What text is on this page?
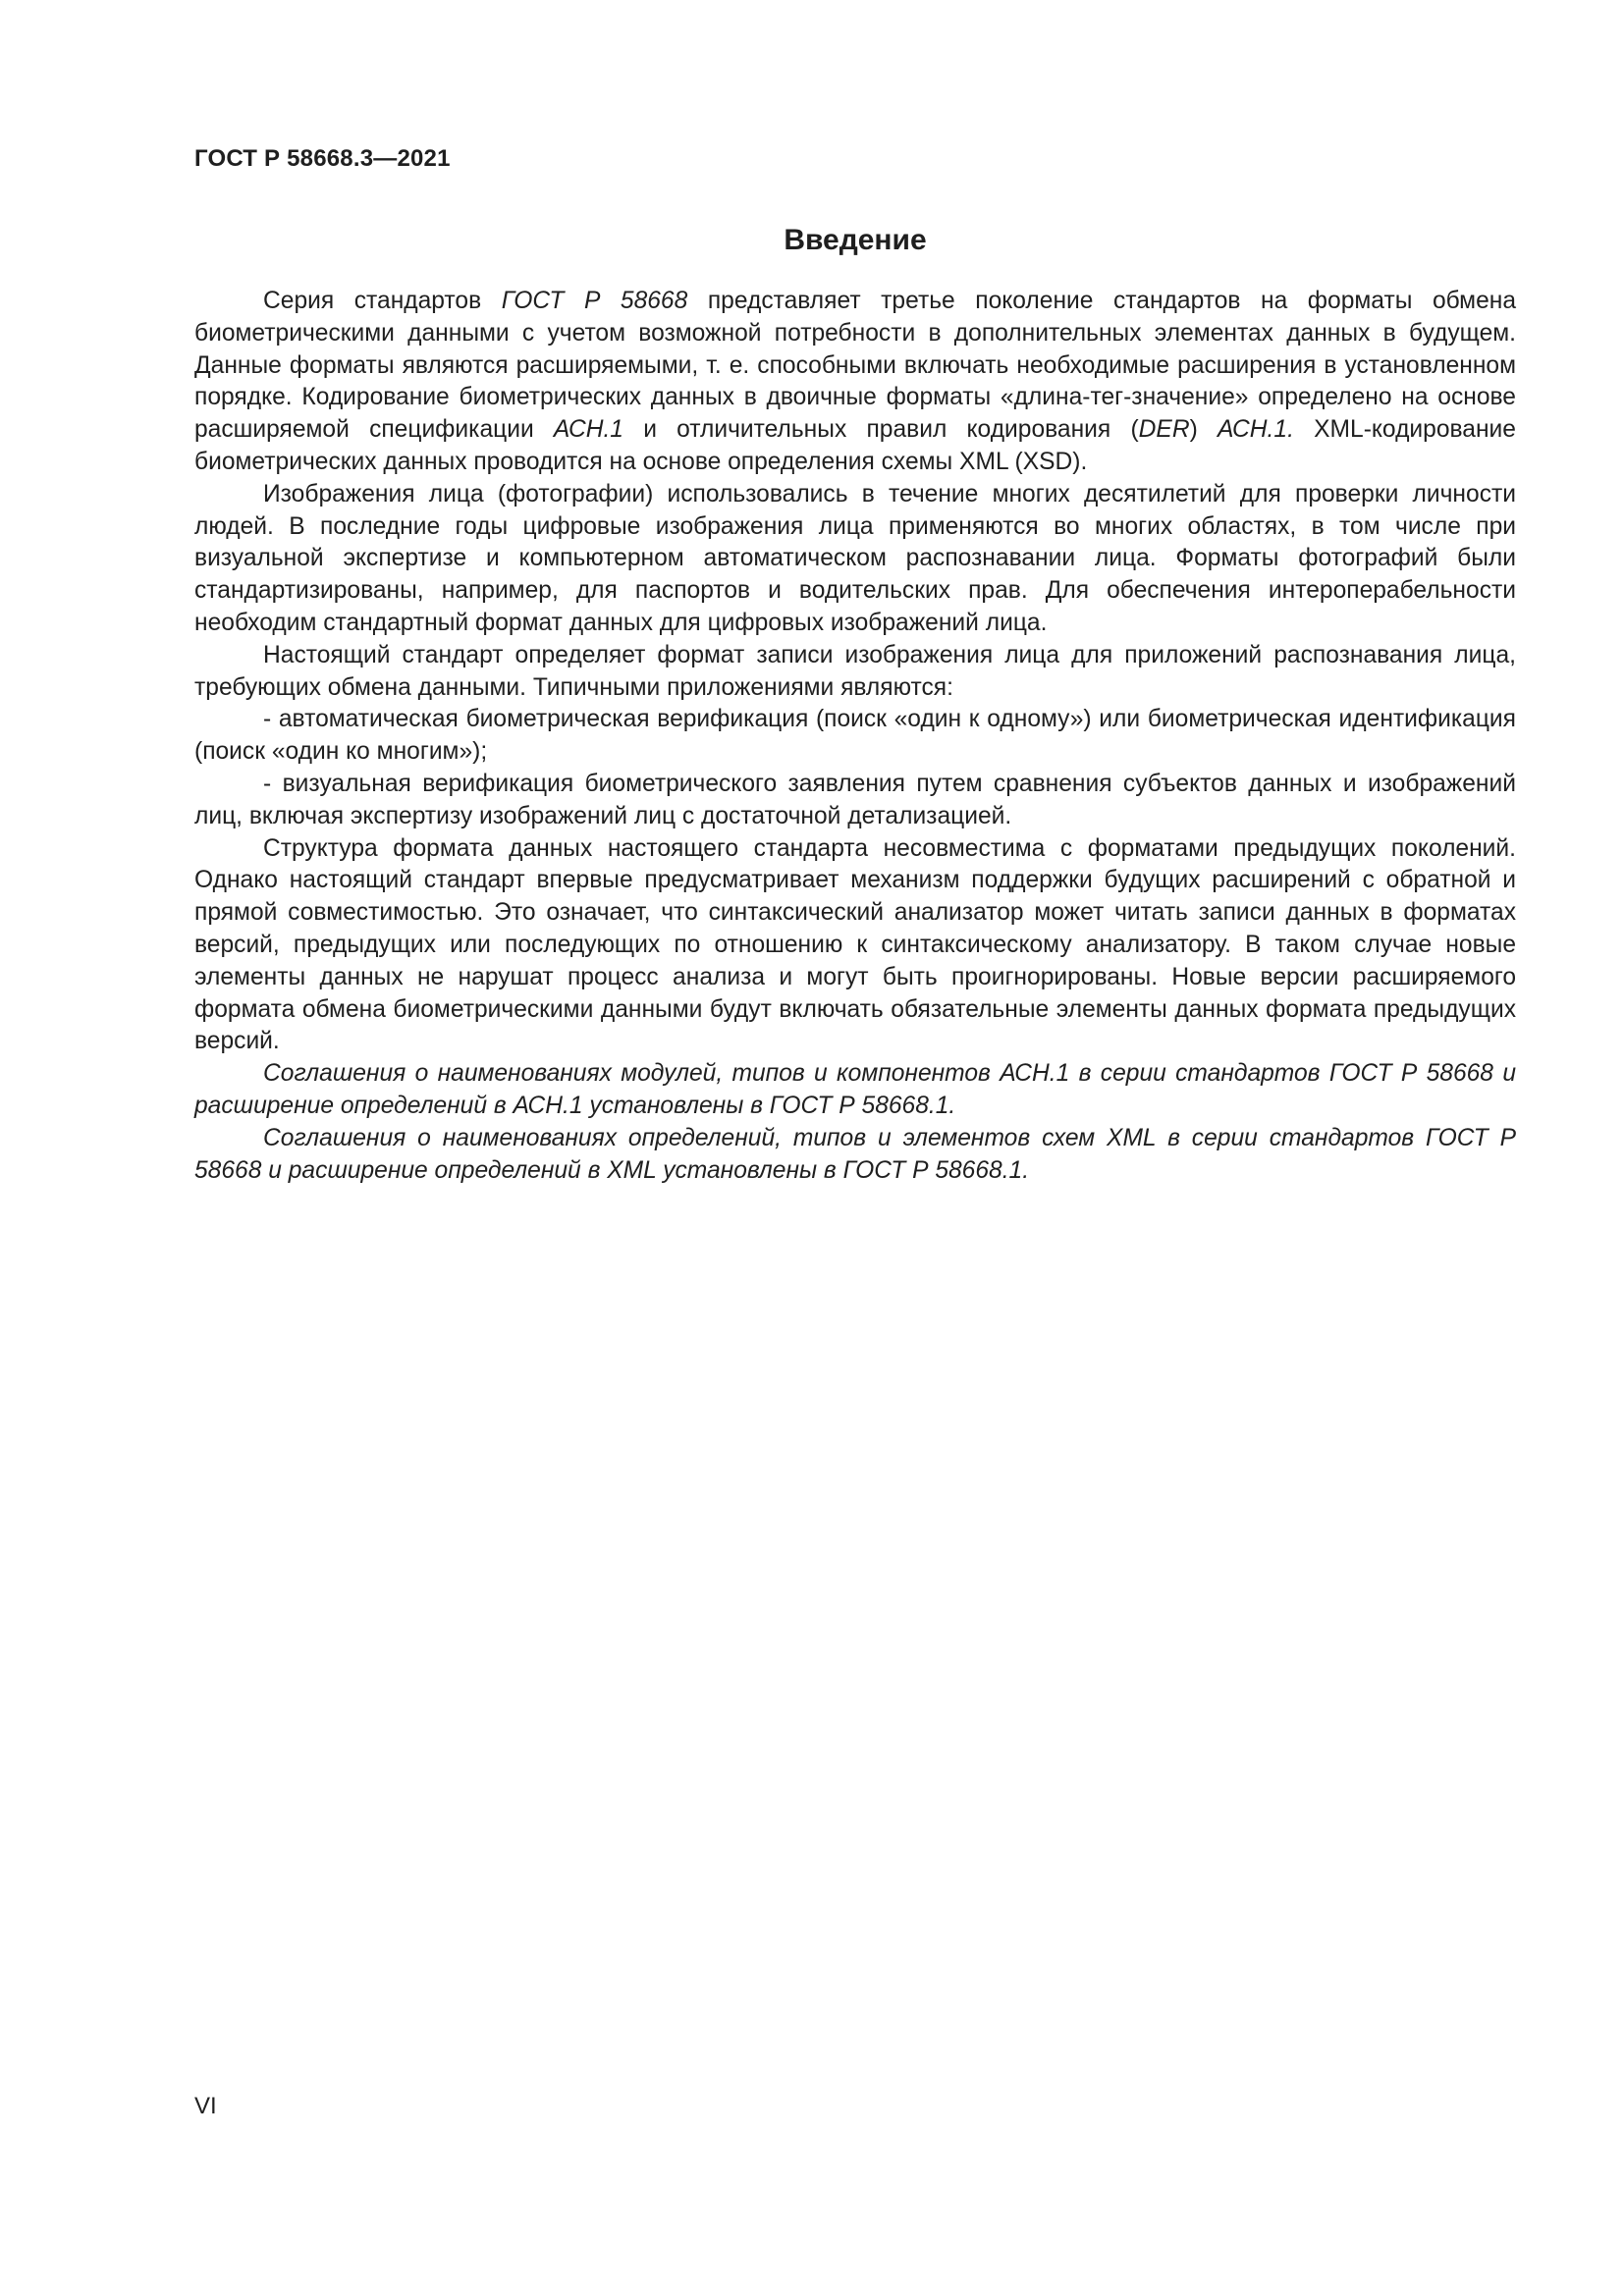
ГОСТ Р 58668.3—2021
Введение

Серия стандартов ГОСТ Р 58668 представляет третье поколение стандартов на форматы обмена биометрическими данными с учетом возможной потребности в дополнительных элементах данных в будущем. Данные форматы являются расширяемыми, т. е. способными включать необходимые расширения в установленном порядке. Кодирование биометрических данных в двоичные форматы «длина-тег-значение» определено на основе расширяемой спецификации АСН.1 и отличительных правил кодирования (DER) АСН.1. XML-кодирование биометрических данных проводится на основе определения схемы XML (XSD).

Изображения лица (фотографии) использовались в течение многих десятилетий для проверки личности людей. В последние годы цифровые изображения лица применяются во многих областях, в том числе при визуальной экспертизе и компьютерном автоматическом распознавании лица. Форматы фотографий были стандартизированы, например, для паспортов и водительских прав. Для обеспечения интероперабельности необходим стандартный формат данных для цифровых изображений лица.

Настоящий стандарт определяет формат записи изображения лица для приложений распознавания лица, требующих обмена данными. Типичными приложениями являются:

- автоматическая биометрическая верификация (поиск «один к одному») или биометрическая идентификация (поиск «один ко многим»);

- визуальная верификация биометрического заявления путем сравнения субъектов данных и изображений лиц, включая экспертизу изображений лиц с достаточной детализацией.

Структура формата данных настоящего стандарта несовместима с форматами предыдущих поколений. Однако настоящий стандарт впервые предусматривает механизм поддержки будущих расширений с обратной и прямой совместимостью. Это означает, что синтаксический анализатор может читать записи данных в форматах версий, предыдущих или последующих по отношению к синтаксическому анализатору. В таком случае новые элементы данных не нарушат процесс анализа и могут быть проигнорированы. Новые версии расширяемого формата обмена биометрическими данными будут включать обязательные элементы данных формата предыдущих версий.

Соглашения о наименованиях модулей, типов и компонентов АСН.1 в серии стандартов ГОСТ Р 58668 и расширение определений в АСН.1 установлены в ГОСТ Р 58668.1.

Соглашения о наименованиях определений, типов и элементов схем XML в серии стандартов ГОСТ Р 58668 и расширение определений в XML установлены в ГОСТ Р 58668.1.

VI
